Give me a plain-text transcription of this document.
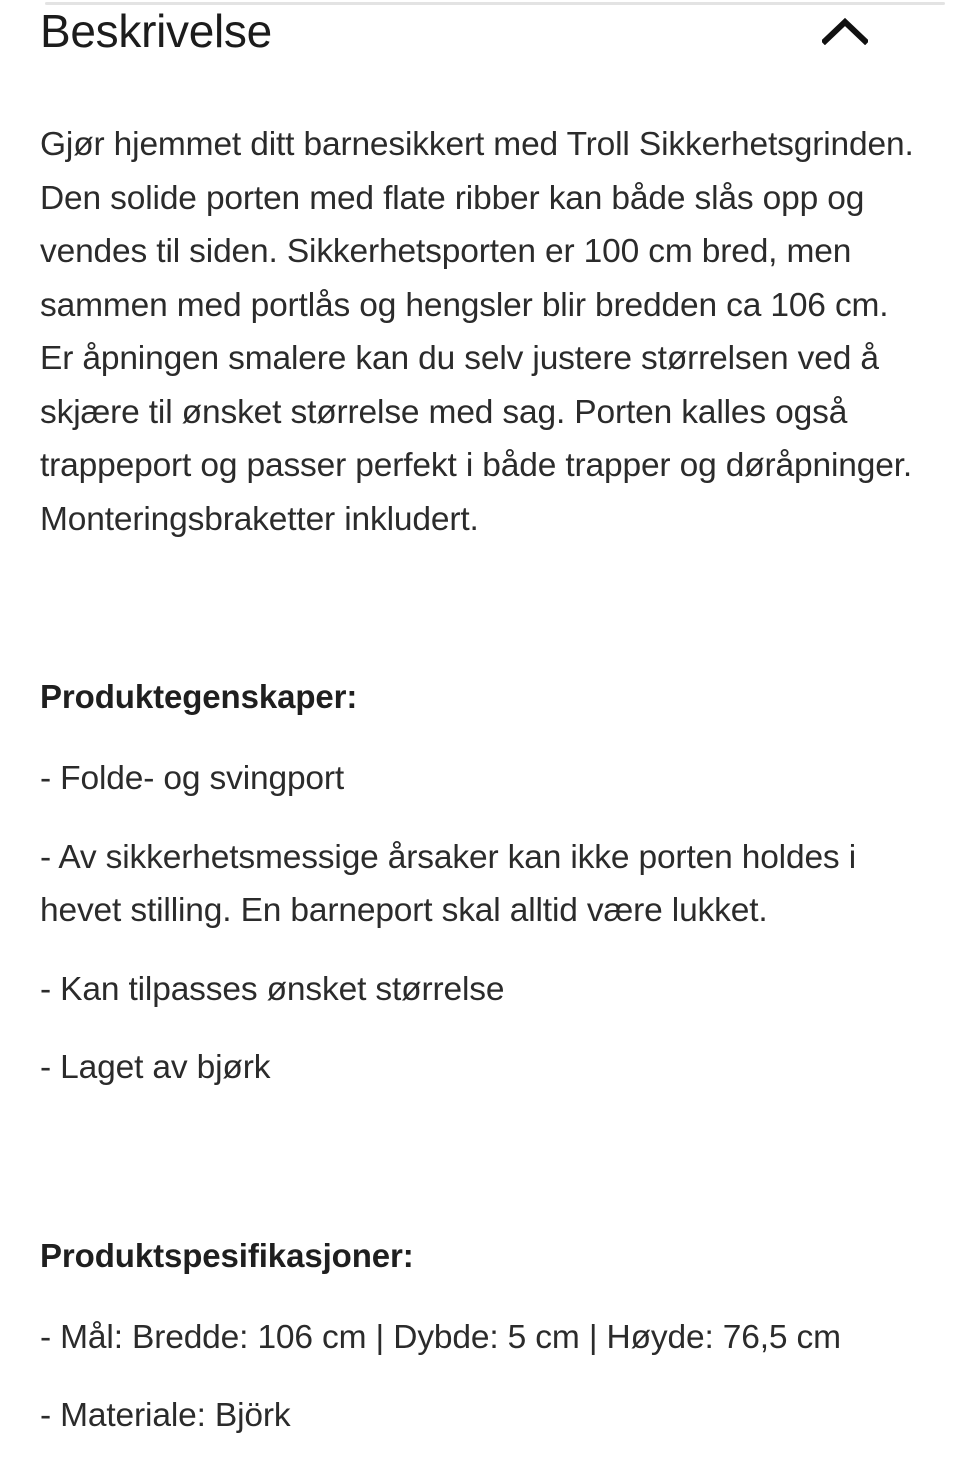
Beskrivelse

Gjør hjemmet ditt barnesikkert med Troll Sikkerhetsgrinden. Den solide porten med flate ribber kan både slås opp og vendes til siden. Sikkerhetsporten er 100 cm bred, men sammen med portlås og hengsler blir bredden ca 106 cm. Er åpningen smalere kan du selv justere størrelsen ved å skjære til ønsket størrelse med sag. Porten kalles også trappeport og passer perfekt i både trapper og døråpninger. Monteringsbraketter inkludert.

Produktegenskaper:

- Folde- og svingport

- Av sikkerhetsmessige årsaker kan ikke porten holdes i hevet stilling. En barneport skal alltid være lukket.

- Kan tilpasses ønsket størrelse

- Laget av bjørk

Produktspesifikasjoner:

- Mål: Bredde: 106 cm | Dybde: 5 cm | Høyde: 76,5 cm

- Materiale: Björk
